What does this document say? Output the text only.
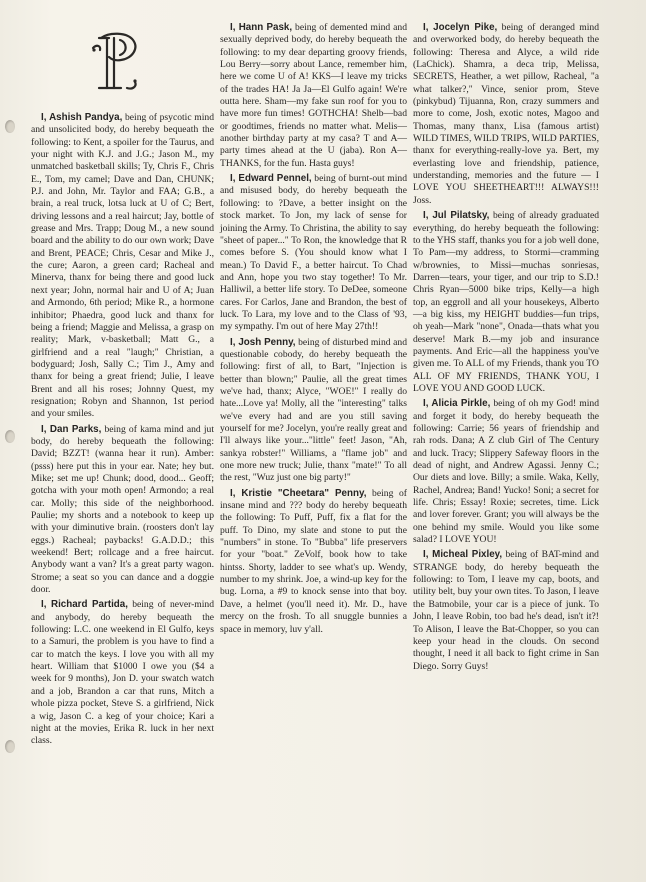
P

I, Ashish Pandya, being of psycotic mind and unsolicited body, do hereby bequeath the following: to Kent, a spoiler for the Taurus, and your night with K.J. and J.G.; Jason M., my unmatched basketball skills; Ty, Chris F., Chris E., Tom, my camel; Dave and Dan, CHUNK; P.J. and John, Mr. Taylor and FAA; G.B., a brain, a real truck, lotsa luck at U of C; Bert, driving lessons and a real haircut; Jay, bottle of grease and Mrs. Trapp; Doug M., a new sound board and the ability to do our own work; Dave and Brent, PEACE; Chris, Cesar and Mike J., the cure; Aaron, a green card; Racheal and Minerva, thanx for being there and good luck next year; John, normal hair and U of A; Juan and Armondo, 6th period; Mike R., a hormone inhibitor; Phaedra, good luck and thanx for being a friend; Maggie and Melissa, a grasp on reality; Mark, v-basketball; Matt G., a girlfriend and a real "laugh;" Christian, a bodyguard; Josh, Sally C.; Tim J., Amy and thanx for being a great friend; Julie, I leave Brent and all his roses; Johnny Quest, my resignation; Robyn and Shannon, 1st period and your smiles.

I, Dan Parks, being of kama mind and jut body, do hereby bequeath the following: David; BZZT! (wanna hear it run). Amber: (psss) here put this in your ear. Nate; hey but. Mike; set me up! Chunk; dood, dood... Geoff; gotcha with your moth open! Armondo; a real car. Molly; this side of the neighborhood. Paulie; my shorts and a notebook to keep up with your diminutive brain. (roosters don't lay eggs.) Racheal; paybacks! G.A.D.D.; this weekend! Bert; rollcage and a free haircut. Anybody want a van? It's a great party wagon. Strome; a seat so you can dance and a doggie door.

I, Richard Partida, being of never-mind and anybody, do hereby bequeath the following: L.C. one weekend in El Gulfo, keys to a Samuri, the problem is you have to find a car to match the keys. I love you with all my heart. William that $1000 I owe you ($4 a week for 9 months), Jon D. your swatch watch and a job, Brandon a car that runs, Mitch a whole pizza pocket, Steve S. a girlfriend, Nick a wig, Jason C. a keg of your choice; Kari a night at the movies, Erika R. luck in her next class.

I, Hann Pask, being of demented mind and sexually deprived body, do hereby bequeath the following: to my dear departing groovy friends, Lou Berry—sorry about Lance, remember him, here we come U of A! KKS—I leave my tricks of the trades HA! Ja Ja—El Gulfo again! We're outta here. Sham—my fake sun roof for you to have more fun times! GOTHCHA! Shelb—bad or goodtimes, friends no matter what. Melis—another birthday party at my casa? T and A—party times ahead at the U (jaba). Ron A—THANKS, for the fun. Hasta guys!

I, Edward Pennel, being of burnt-out mind and misused body, do hereby bequeath the following: to ?Dave, a better insight on the stock market. To Jon, my lack of sense for joining the Army. To Christina, the ability to say "sheet of paper..." To Ron, the knowledge that R comes before S. (You should know what I mean.) To David F., a better haircut. To Chad and Ann, hope you two stay together! To Mr. Halliwil, a better life story. To DeDee, someone cares. For Carlos, Jane and Brandon, the best of luck. To Lara, my love and to the Class of '93, my sympathy. I'm out of here May 27th!!

I, Josh Penny, being of disturbed mind and questionable cobody, do hereby bequeath the following: first of all, to Bart, "Injection is better than blown;" Paulie, all the great times we've had, thanx; Alyce, "WOE!" I really do hate...Love ya! Molly, all the "interesting" talks we've every had and are you still saving yourself for me? Jocelyn, you're really great and I'll always like your..."little" feet! Jason, "Ah, sankya robster!" Williams, a "flame job" and one more new truck; Julie, thanx "mate!" To all the rest, "Wuz just one big party!"

I, Kristie "Cheetara" Penny, being of insane mind and ??? body do hereby bequeath the following: To Puff, Puff, fix a flat for the puff. To Dino, my slate and stone to put the "numbers" in stone. To "Bubba" life preservers for your "boat." ZeVolf, book how to take hintss. Shorty, ladder to see what's up. Wendy, number to my shrink. Joe, a wind-up key for the bug. Lorna, a #9 to knock sense into that boy. Dave, a helmet (you'll need it). Mr. D., have mercy on the frosh. To all snuggle bunnies a space in memory, luv y'all.

I, Jocelyn Pike, being of deranged mind and overworked body, do hereby bequeath the following: Theresa and Alyce, a wild ride (LaChick). Shamra, a deca trip, Melissa, SECRETS, Heather, a wet pillow, Racheal, "a what talker?," Vince, senior prom, Steve (pinkybud) Tijuanna, Ron, crazy summers and more to come, Josh, exotic notes, Magoo and Thomas, many thanx, Lisa (famous artist) WILD TIMES, WILD TRIPS, WILD PARTIES, thanx for everything-really-love ya. Bert, my everlasting love and friendship, patience, understanding, memories and the future — I LOVE YOU SHEETHEART!!! ALWAYS!!! Joss.

I, Jul Pilatsky, being of already graduated everything, do hereby bequeath the following: to the YHS staff, thanks you for a job well done, To Pam—my address, to Stormi—cramming w/brownies, to Missi—muchas sonriesas, Darren—tears, your tiger, and our trip to S.D.! Chris Ryan—5000 bike trips, Kelly—a high top, an eggroll and all your housekeys, Alberto—a big kiss, my HEIGHT buddies—fun trips, oh yeah—Mark "none", Onada—thats what you deserve! Mark B.—my job and insurance payments. And Eric—all the happiness you've given me. To ALL of my Friends, thank you TO ALL OF MY FRIENDS, THANK YOU, I LOVE YOU AND GOOD LUCK.

I, Alicia Pirkle, being of oh my God! mind and forget it body, do hereby bequeath the following: Carrie; 56 years of friendship and rah rods. Dana; A Z club Girl of The Century and luck. Tracy; Slippery Safeway floors in the dead of night, and Andrew Agassi. Jenny C.; Our diets and love. Billy; a smile. Waka, Kelly, Rachel, Andrea; Band! Yucko! Soni; a secret for life. Chris; Essay! Roxie; secretes, time. Lick and lover forever. Grant; you will always be the one behind my smile. Would you like some salad? I LOVE YOU!

I, Micheal Pixley, being of BAT-mind and STRANGE body, do hereby bequeath the following: to Tom, I leave my cap, boots, and utility belt, buy your own tites. To Jason, I leave the Batmobile, your car is a piece of junk. To John, I leave Robin, too bad he's dead, isn't it?! To Alison, I leave the Bat-Chopper, so you can keep your head in the clouds. On second thought, I need it all back to fight crime in San Diego. Sorry Guys!
